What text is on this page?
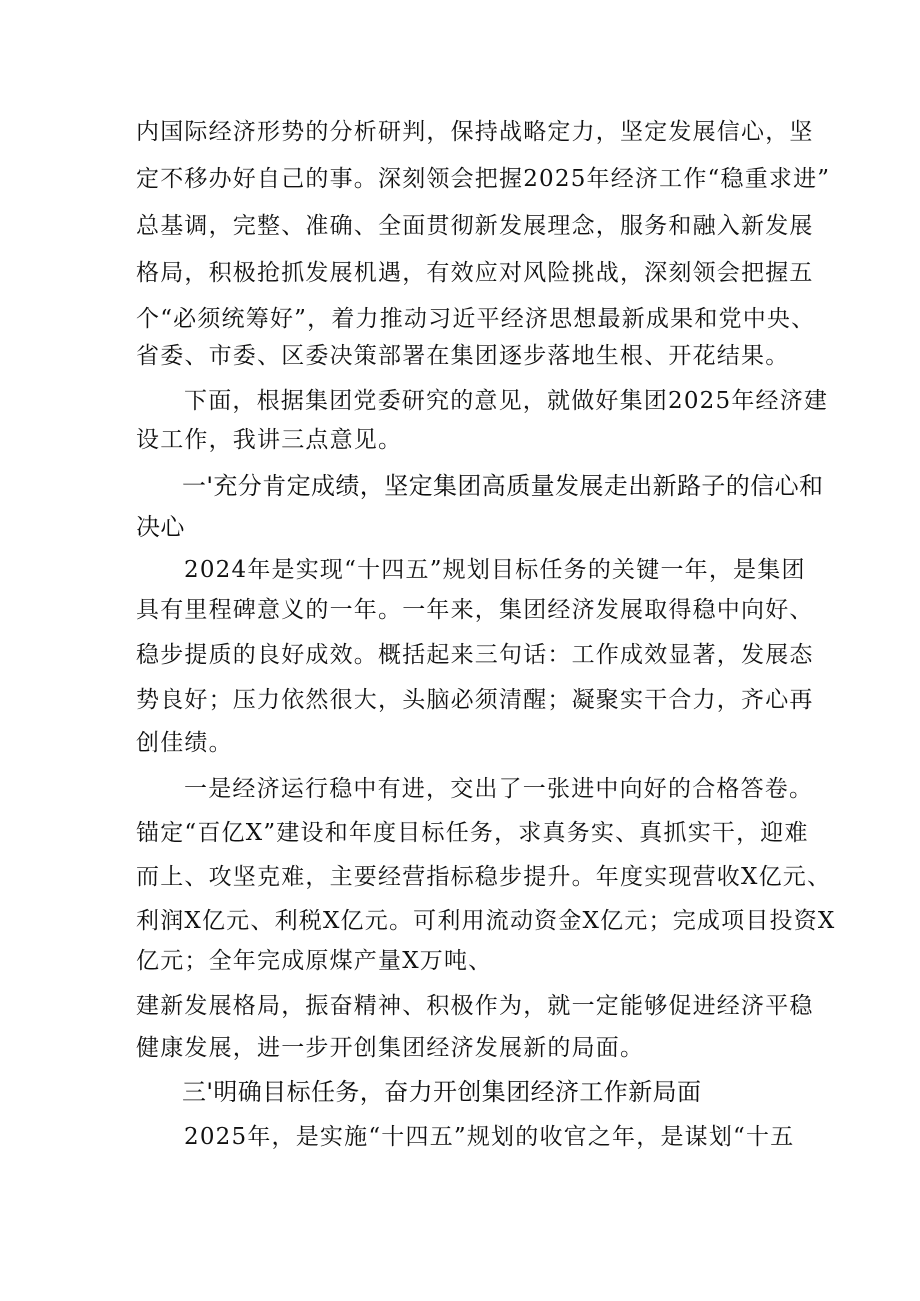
内国际经济形势的分析研判，保持战略定力，坚定发展信心，坚
定不移办好自己的事。深刻领会把握2025年经济工作“稳重求进”
总基调，完整、准确、全面贯彻新发展理念，服务和融入新发展
格局，积极抢抓发展机遇，有效应对风险挑战，深刻领会把握五
个“必须统筹好”，着力推动习近平经济思想最新成果和党中央、
省委、市委、区委决策部署在集团逐步落地生根、开花结果。
下面，根据集团党委研究的意见，就做好集团2025年经济建
设工作，我讲三点意见。
一'充分肯定成绩，坚定集团高质量发展走出新路子的信心和
决心
2024年是实现“十四五”规划目标任务的关键一年，是集团
具有里程碑意义的一年。一年来，集团经济发展取得稳中向好、
稳步提质的良好成效。概括起来三句话：工作成效显著，发展态
势良好；压力依然很大，头脑必须清醒；凝聚实干合力，齐心再
创佳绩。
一是经济运行稳中有进，交出了一张进中向好的合格答卷。
锚定“百亿X”建设和年度目标任务，求真务实、真抓实干，迎难
而上、攻坚克难，主要经营指标稳步提升。年度实现营收X亿元、
利润X亿元、利税X亿元。可利用流动资金X亿元；完成项目投资X
亿元；全年完成原煤产量X万吨、
建新发展格局，振奋精神、积极作为，就一定能够促进经济平稳
健康发展，进一步开创集团经济发展新的局面。
三'明确目标任务，奋力开创集团经济工作新局面
2025年，是实施“十四五”规划的收官之年，是谋划“十五
